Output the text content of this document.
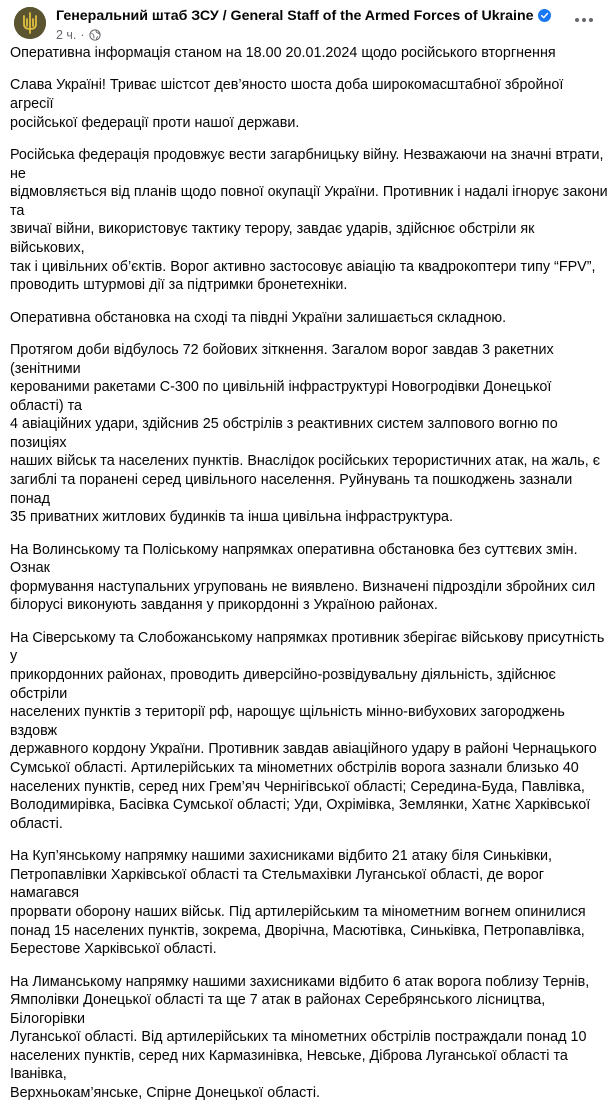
Генеральний штаб ЗСУ / General Staff of the Armed Forces of Ukraine
2 ч. ·

Оперативна інформація станом на 18.00 20.01.2024 щодо російського вторгнення

Слава Україні! Триває шістсот дев’яносто шоста доба широкомасштабної збройної агресії
російської федерації проти нашої держави.

Російська федерація продовжує вести загарбницьку війну. Незважаючи на значні втрати, не
відмовляється від планів щодо повної окупації України. Противник і надалі ігнорує закони та
звичаї війни, використовує тактику терору, завдає ударів, здійснює обстріли як військових,
так і цивільних об’єктів. Ворог активно застосовує авіацію та квадрокоптери типу “FPV”,
проводить штурмові дії за підтримки бронетехніки.

Оперативна обстановка на сході та півдні України залишається складною.

Протягом доби відбулось 72 бойових зіткнення. Загалом ворог завдав 3 ракетних (зенітними
керованими ракетами С-300 по цивільній інфраструктурі Новогродівки Донецької області) та
4 авіаційних удари, здійснив 25 обстрілів з реактивних систем залпового вогню по позиціях
наших військ та населених пунктів. Внаслідок російських терористичних атак, на жаль, є
загиблі та поранені серед цивільного населення. Руйнувань та пошкоджень зазнали понад
35 приватних житлових будинків та інша цивільна інфраструктура.

На Волинському та Поліському напрямках оперативна обстановка без суттєвих змін. Ознак
формування наступальних угруповань не виявлено. Визначені підрозділи збройних сил
білорусі виконують завдання у прикордонні з Україною районах.

На Сіверському та Слобожанському напрямках противник зберігає військову присутність у
прикордонних районах, проводить диверсійно-розвідувальну діяльність, здійснює обстріли
населених пунктів з території рф, нарощує щільність мінно-вибухових загороджень вздовж
державного кордону України. Противник завдав авіаційного удару в районі Чернацького
Сумської області. Артилерійських та мінометних обстрілів ворога зазнали близько 40
населених пунктів, серед них Грем’яч Чернігівської області; Середина-Буда, Павлівка,
Володимирівка, Басівка Сумської області; Уди, Охрімівка, Землянки, Хатнє Харківської
області.

На Куп’янському напрямку нашими захисниками відбито 21 атаку біля Синьківки,
Петропавлівки Харківської області та Стельмахівки Луганської області, де ворог намагався
прорвати оборону наших військ. Під артилерійським та мінометним вогнем опинилися
понад 15 населених пунктів, зокрема, Дворічна, Масютівка, Синьківка, Петропавлівка,
Берестове Харківської області.

На Лиманському напрямку нашими захисниками відбито 6 атак ворога поблизу Тернів,
Ямполівки Донецької області та ще 7 атак в районах Серебрянського лісництва, Білогорівки
Луганської області. Від артилерійських та мінометних обстрілів постраждали понад 10
населених пунктів, серед них Кармазинівка, Невське, Діброва Луганської області та Іванівка,
Верхньокам’янське, Спірне Донецької області.
